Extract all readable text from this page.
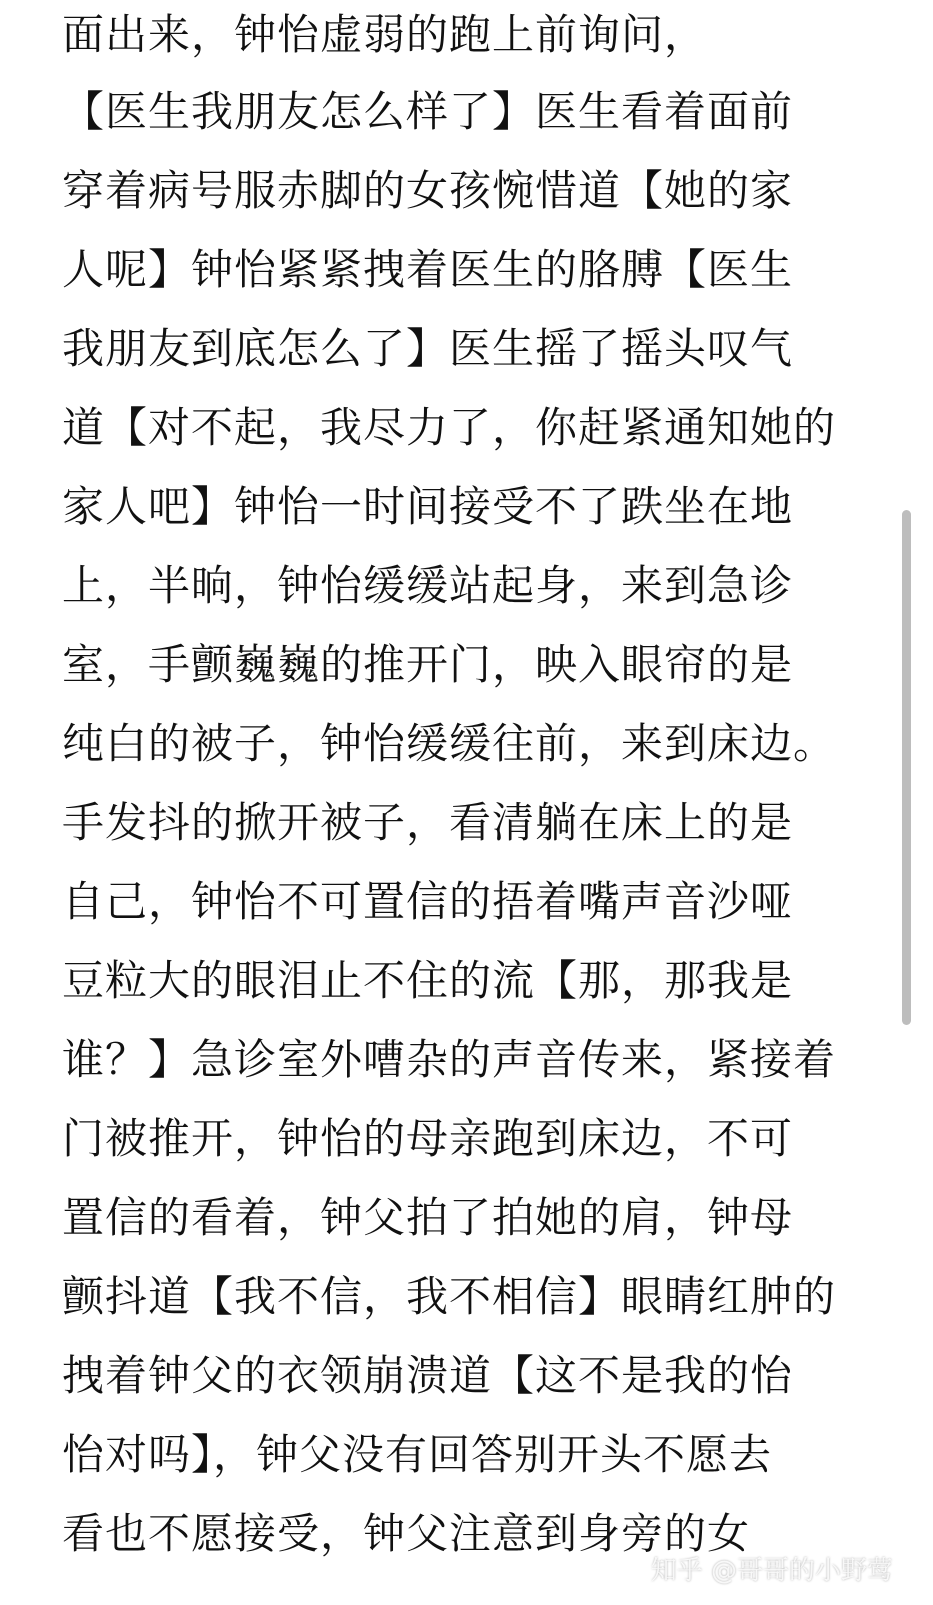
面出来，钟怡虚弱的跑上前询问，
【医生我朋友怎么样了】医生看着面前
穿着病号服赤脚的女孩惋惜道【她的家
人呢】钟怡紧紧拽着医生的胳膊【医生
我朋友到底怎么了】医生摇了摇头叹气
道【对不起，我尽力了，你赶紧通知她的
家人吧】钟怡一时间接受不了跌坐在地
上，半晌，钟怡缓缓站起身，来到急诊
室，手颤巍巍的推开门，映入眼帘的是
纯白的被子，钟怡缓缓往前，来到床边。
手发抖的掀开被子，看清躺在床上的是
自己，钟怡不可置信的捂着嘴声音沙哑
豆粒大的眼泪止不住的流【那，那我是
谁？】急诊室外嘈杂的声音传来，紧接着
门被推开，钟怡的母亲跑到床边，不可
置信的看着，钟父拍了拍她的肩，钟母
颤抖道【我不信，我不相信】眼睛红肿的
拽着钟父的衣领崩溃道【这不是我的怡
怡对吗】，钟父没有回答别开头不愿去
看也不愿接受，钟父注意到身旁的女
知乎 @哥哥的小野莺
